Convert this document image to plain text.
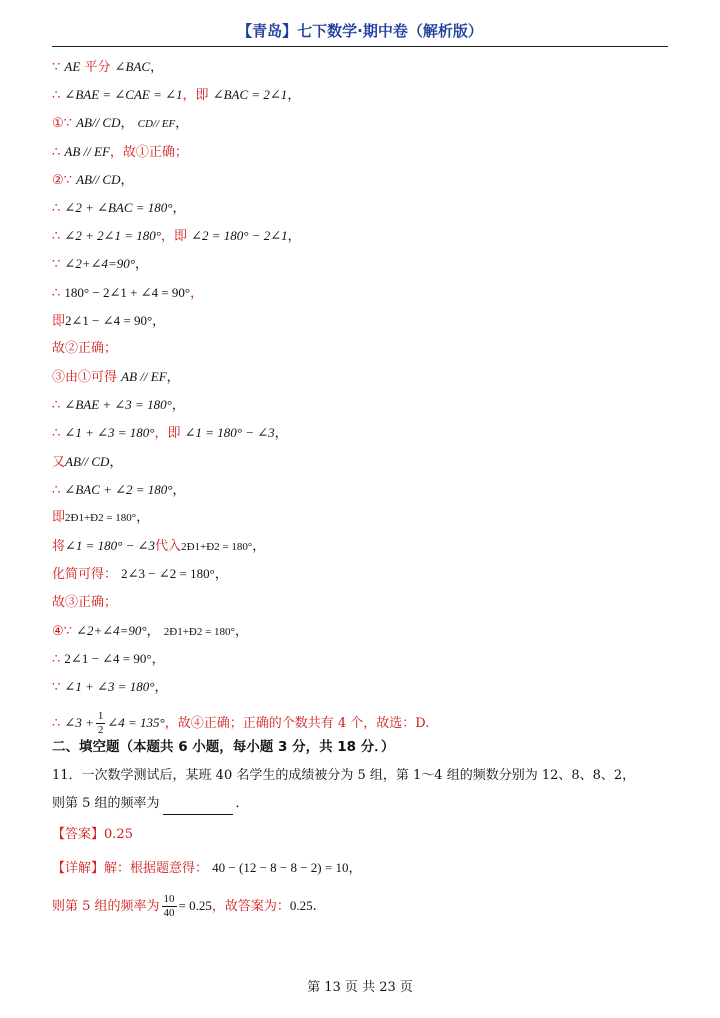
【青岛】七下数学·期中卷（解析版）
∵ AE 平分 ∠BAC，
∴ ∠BAE = ∠CAE = ∠1，即 ∠BAC = 2∠1，
①∵ AB// CD， CD// EF，
∴ AB // EF，故①正确；
②∵ AB// CD，
∴ ∠2 + ∠BAC = 180°，
∴ ∠2 + 2∠1 = 180°，即 ∠2 = 180° − 2∠1，
∵ ∠2+∠4=90°，
∴ 180° − 2∠1 + ∠4 = 90°，
即2∠1 − ∠4 = 90°，
故②正确；
③由①可得 AB // EF，
∴ ∠BAE + ∠3 = 180°，
∴ ∠1 + ∠3 = 180°，即 ∠1 = 180° − ∠3，
又AB// CD，
∴ ∠BAC + ∠2 = 180°，
即2Ð1+Ð2 = 180°，
将∠1 = 180° − ∠3代入2Ð1+Ð2 = 180°，
化简可得： 2∠3 − ∠2 = 180°，
故③正确；
④∵ ∠2+∠4=90°， 2Ð1+Ð2 = 180°，
∴ 2∠1 − ∠4 = 90°，
∵ ∠1 + ∠3 = 180°，
∴ ∠3 + $\frac{1}{2}$ ∠4 = 135°，故④正确；正确的个数共有 4 个，故选：D.
二、填空题（本题共 6 小题，每小题 3 分，共 18 分．）
11．一次数学测试后，某班 40 名学生的成绩被分为 5 组，第 1～4 组的频数分别为 12、8、8、2，
则第 5 组的频率为	．
【答案】0.25
【详解】解：根据题意得： 40 − (12 − 8 − 8 − 2) = 10，
则第 5 组的频率为 $\frac{10}{40} = 0.25$，故答案为：0.25.
第 13 页 共 23 页
